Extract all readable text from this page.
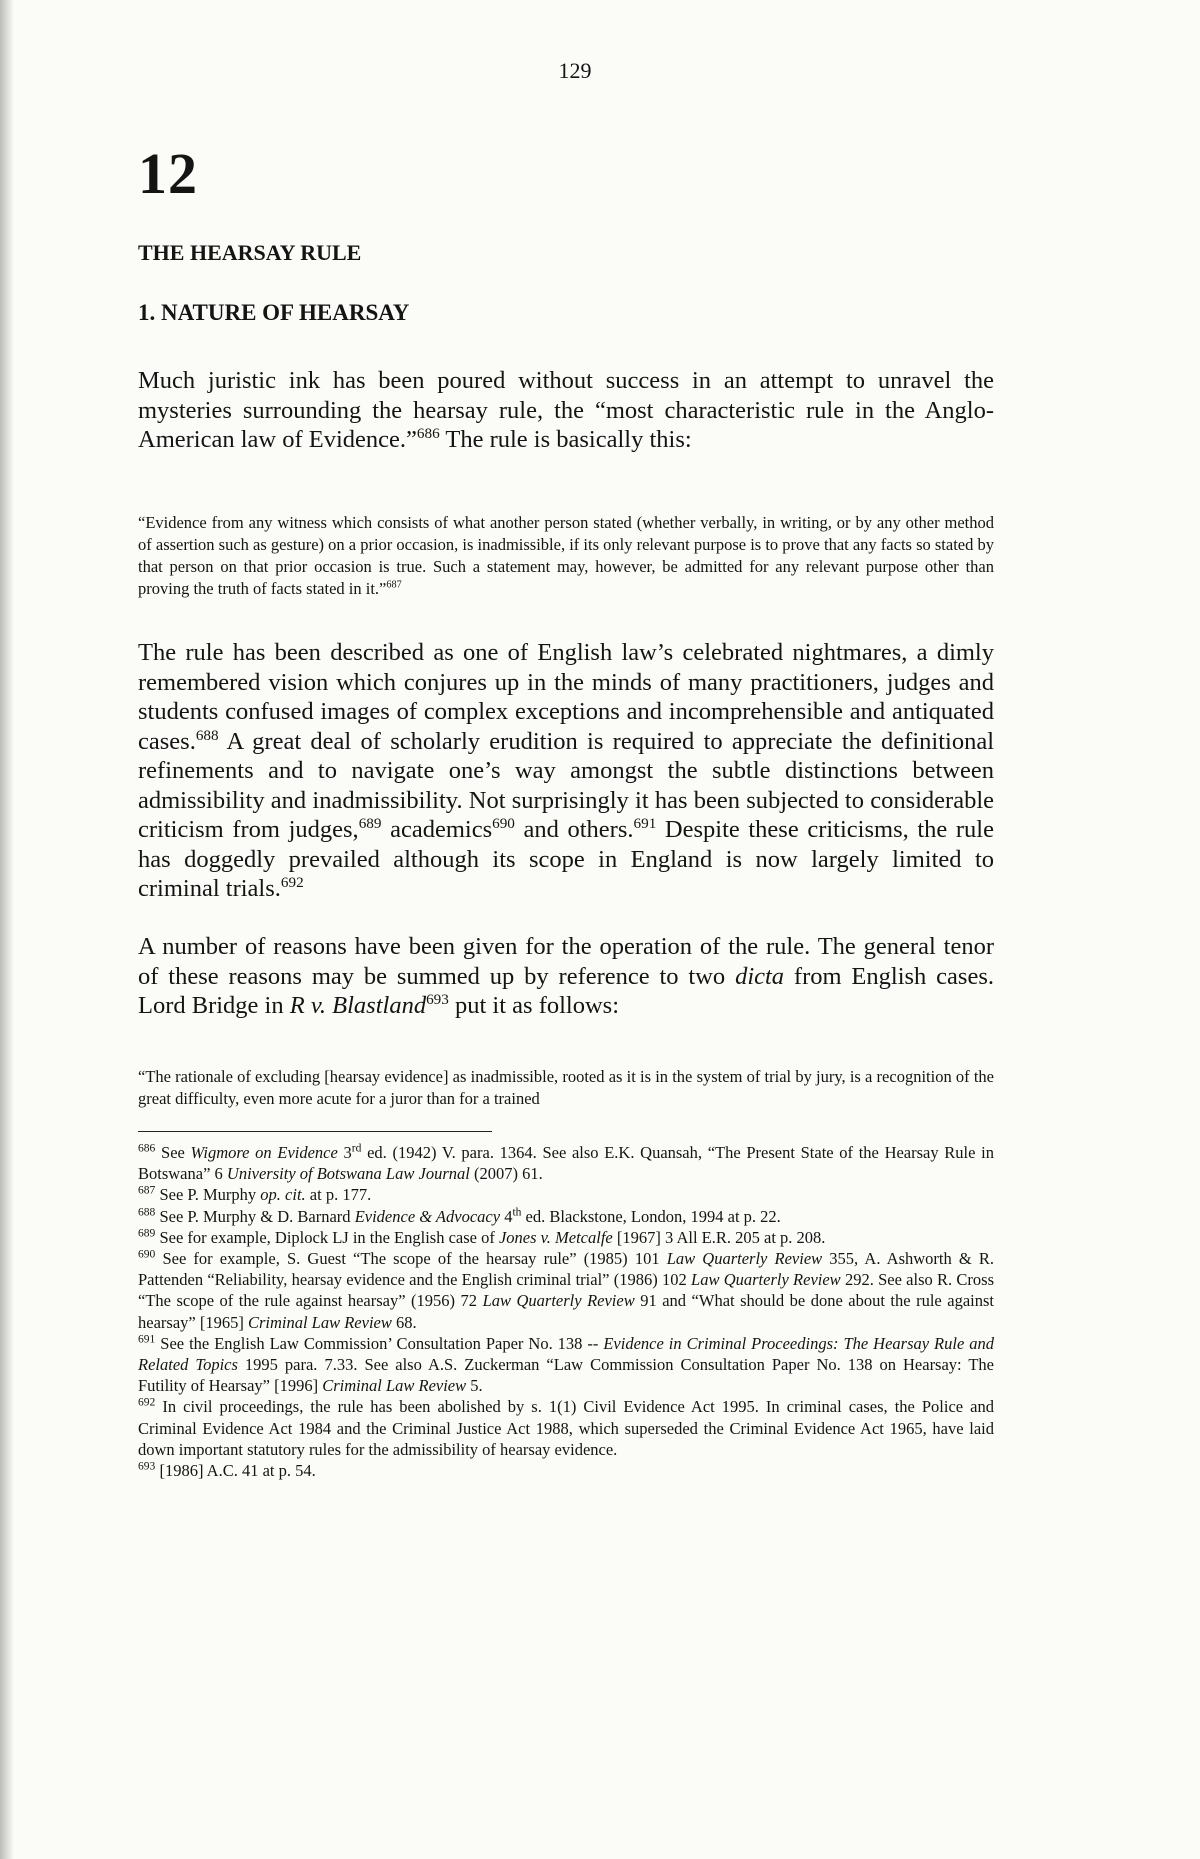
129
12
THE HEARSAY RULE
1. NATURE OF HEARSAY

Much juristic ink has been poured without success in an attempt to unravel the mysteries surrounding the hearsay rule, the “most characteristic rule in the Anglo-American law of Evidence.”$^{686}$ The rule is basically this:

“Evidence from any witness which consists of what another person stated (whether verbally, in writing, or by any other method of assertion such as gesture) on a prior occasion, is inadmissible, if its only relevant purpose is to prove that any facts so stated by that person on that prior occasion is true. Such a statement may, however, be admitted for any relevant purpose other than proving the truth of facts stated in it.”$^{687}$

The rule has been described as one of English law’s celebrated nightmares, a dimly remembered vision which conjures up in the minds of many practitioners, judges and students confused images of complex exceptions and incomprehensible and antiquated cases.$^{688}$ A great deal of scholarly erudition is required to appreciate the definitional refinements and to navigate one’s way amongst the subtle distinctions between admissibility and inadmissibility. Not surprisingly it has been subjected to considerable criticism from judges,$^{689}$ academics$^{690}$ and others.$^{691}$ Despite these criticisms, the rule has doggedly prevailed although its scope in England is now largely limited to criminal trials.$^{692}$

A number of reasons have been given for the operation of the rule. The general tenor of these reasons may be summed up by reference to two dicta from English cases. Lord Bridge in R v. Blastland$^{693}$ put it as follows:

“The rationale of excluding [hearsay evidence] as inadmissible, rooted as it is in the system of trial by jury, is a recognition of the great difficulty, even more acute for a juror than for a trained

$^{686}$ See Wigmore on Evidence 3rd ed. (1942) V. para. 1364. See also E.K. Quansah, “The Present State of the Hearsay Rule in Botswana” 6 University of Botswana Law Journal (2007) 61.

$^{687}$ See P. Murphy op. cit. at p. 177.

$^{688}$ See P. Murphy & D. Barnard Evidence & Advocacy 4th ed. Blackstone, London, 1994 at p. 22.

$^{689}$ See for example, Diplock LJ in the English case of Jones v. Metcalfe [1967] 3 All E.R. 205 at p. 208.

$^{690}$ See for example, S. Guest “The scope of the hearsay rule” (1985) 101 Law Quarterly Review 355, A. Ashworth & R. Pattenden “Reliability, hearsay evidence and the English criminal trial” (1986) 102 Law Quarterly Review 292. See also R. Cross “The scope of the rule against hearsay” (1956) 72 Law Quarterly Review 91 and “What should be done about the rule against hearsay” [1965] Criminal Law Review 68.

$^{691}$ See the English Law Commission’ Consultation Paper No. 138 -- Evidence in Criminal Proceedings: The Hearsay Rule and Related Topics 1995 para. 7.33. See also A.S. Zuckerman “Law Commission Consultation Paper No. 138 on Hearsay: The Futility of Hearsay” [1996] Criminal Law Review 5.

$^{692}$ In civil proceedings, the rule has been abolished by s. 1(1) Civil Evidence Act 1995. In criminal cases, the Police and Criminal Evidence Act 1984 and the Criminal Justice Act 1988, which superseded the Criminal Evidence Act 1965, have laid down important statutory rules for the admissibility of hearsay evidence.

$^{693}$ [1986] A.C. 41 at p. 54.
